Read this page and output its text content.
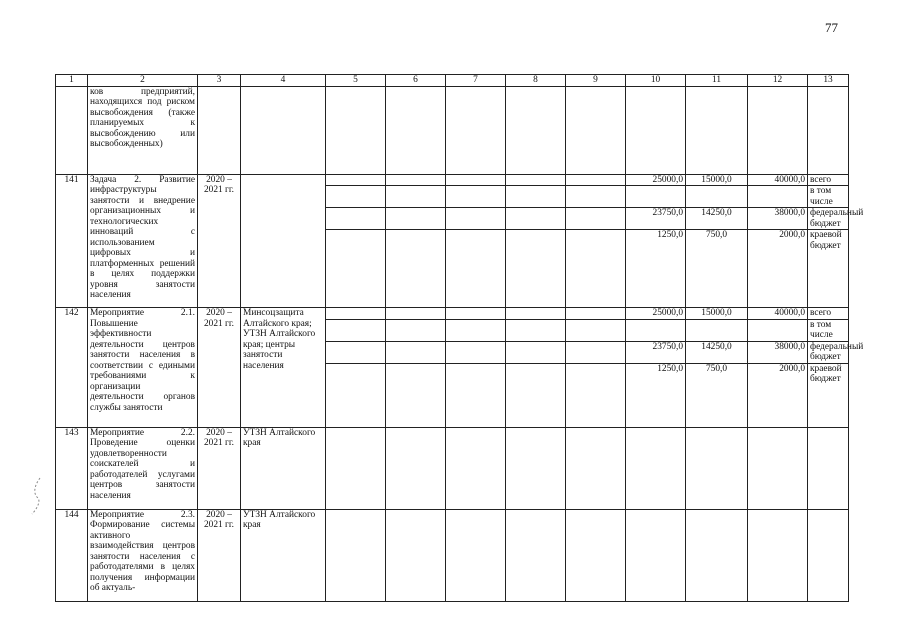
77
1	2	3	4	5	6	7	8	9	10	11	12	13
	ков предприятий, находящихся под риском высвобождения (также планируемых к высвобождению или высвобожденных)											
141	Задача 2. Развитие инфраструктуры занятости и внедрение организационных и технологических инноваций с использованием цифровых и платформенных решений в целях поддержки уровня занятости населения	2020 – 2021 гг.							25000,0	15000,0	40000,0	всего
												в том числе
									23750,0	14250,0	38000,0	федеральный бюджет
									1250,0	750,0	2000,0	краевой бюджет
142	Мероприятие 2.1. Повышение эффективности деятельности центров занятости населения в соответствии с едиными требованиями к организации деятельности органов службы занятости	2020 – 2021 гг.	Минсоцзащита Алтайского края; УТЗН Алтайского края; центры занятости населения						25000,0	15000,0	40000,0	всего
												в том числе
									23750,0	14250,0	38000,0	федеральный бюджет
									1250,0	750,0	2000,0	краевой бюджет
143	Мероприятие 2.2. Проведение оценки удовлетворенности соискателей и работодателей услугами центров занятости населения	2020 – 2021 гг.	УТЗН Алтайского края									
144	Мероприятие 2.3. Формирование системы активного взаимодействия центров занятости населения с работодателями в целях получения информации об актуаль-	2020 – 2021 гг.	УТЗН Алтайского края									
